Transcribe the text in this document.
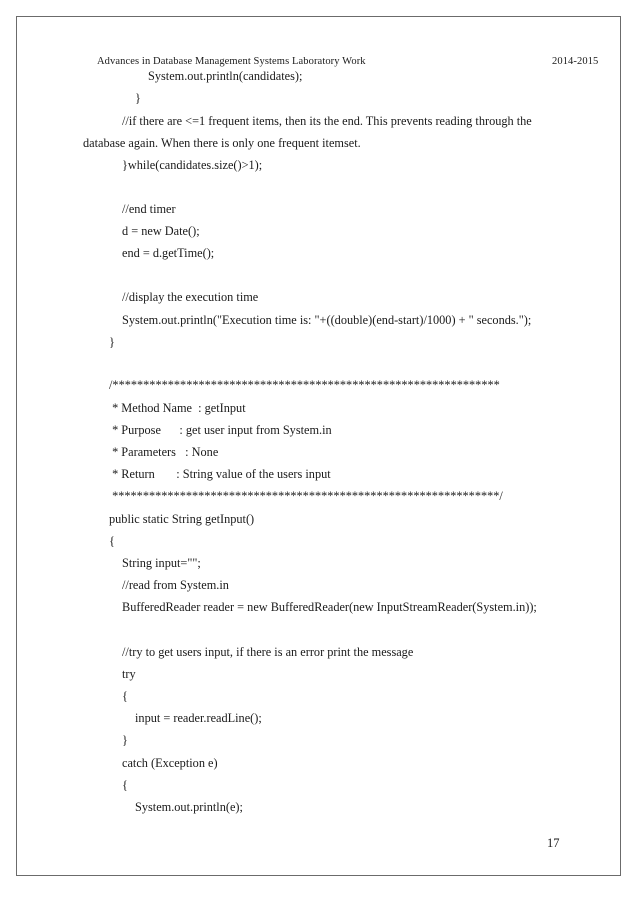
Advances in Database Management Systems Laboratory Work	2014-2015
System.out.println(candidates);
}
//if there are <=1 frequent items, then its the end. This prevents reading through the
database again. When there is only one frequent itemset.
}while(candidates.size()>1);
//end timer
d = new Date();
end = d.getTime();
//display the execution time
System.out.println("Execution time is: "+((double)(end-start)/1000) + " seconds.");
}
/***************************************************************
* Method Name  : getInput
* Purpose      : get user input from System.in
* Parameters   : None
* Return       : String value of the users input
***************************************************************/
public static String getInput()
{
String input="";
//read from System.in
BufferedReader reader = new BufferedReader(new InputStreamReader(System.in));
//try to get users input, if there is an error print the message
try
{
input = reader.readLine();
}
catch (Exception e)
{
System.out.println(e);
17
